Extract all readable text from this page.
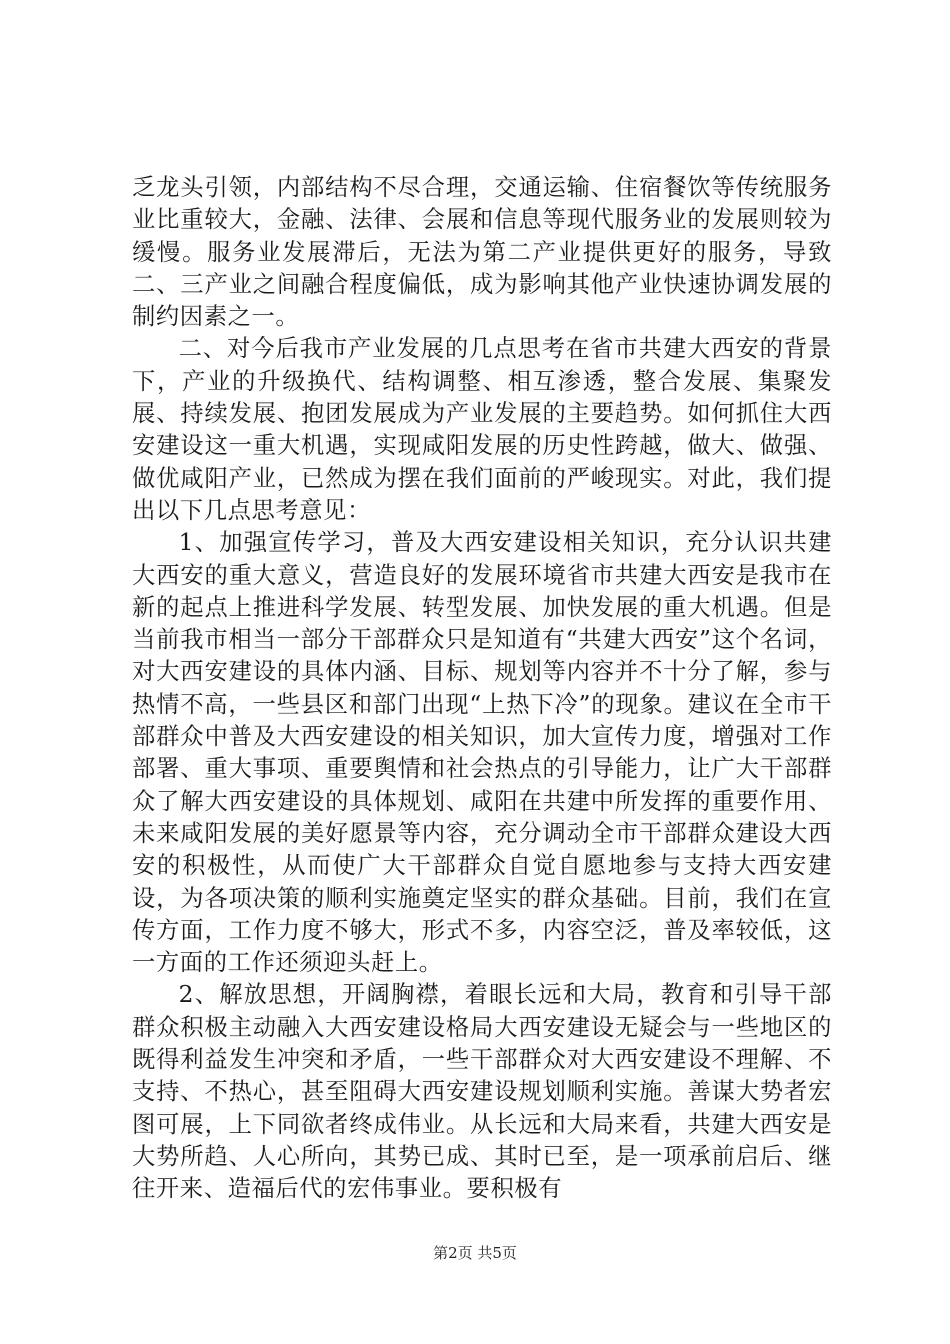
乏龙头引领，内部结构不尽合理，交通运输、住宿餐饮等传统服务业比重较大，金融、法律、会展和信息等现代服务业的发展则较为缓慢。服务业发展滞后，无法为第二产业提供更好的服务，导致二、三产业之间融合程度偏低，成为影响其他产业快速协调发展的制约因素之一。

二、对今后我市产业发展的几点思考在省市共建大西安的背景下，产业的升级换代、结构调整、相互渗透，整合发展、集聚发展、持续发展、抱团发展成为产业发展的主要趋势。如何抓住大西安建设这一重大机遇，实现咸阳发展的历史性跨越，做大、做强、做优咸阳产业，已然成为摆在我们面前的严峻现实。对此，我们提出以下几点思考意见：

1、加强宣传学习，普及大西安建设相关知识，充分认识共建大西安的重大意义，营造良好的发展环境省市共建大西安是我市在新的起点上推进科学发展、转型发展、加快发展的重大机遇。但是当前我市相当一部分干部群众只是知道有“共建大西安”这个名词，对大西安建设的具体内涵、目标、规划等内容并不十分了解，参与热情不高，一些县区和部门出现“上热下冷”的现象。建议在全市干部群众中普及大西安建设的相关知识，加大宣传力度，增强对工作部署、重大事项、重要舆情和社会热点的引导能力，让广大干部群众了解大西安建设的具体规划、咸阳在共建中所发挥的重要作用、未来咸阳发展的美好愿景等内容，充分调动全市干部群众建设大西安的积极性，从而使广大干部群众自觉自愿地参与支持大西安建设，为各项决策的顺利实施奠定坚实的群众基础。目前，我们在宣传方面，工作力度不够大，形式不多，内容空泛，普及率较低，这一方面的工作还须迎头赶上。

2、解放思想，开阔胸襟，着眼长远和大局，教育和引导干部群众积极主动融入大西安建设格局大西安建设无疑会与一些地区的既得利益发生冲突和矛盾，一些干部群众对大西安建设不理解、不支持、不热心，甚至阻碍大西安建设规划顺利实施。善谋大势者宏图可展，上下同欲者终成伟业。从长远和大局来看，共建大西安是大势所趋、人心所向，其势已成、其时已至，是一项承前启后、继往开来、造福后代的宏伟事业。要积极有

第2页 共5页
